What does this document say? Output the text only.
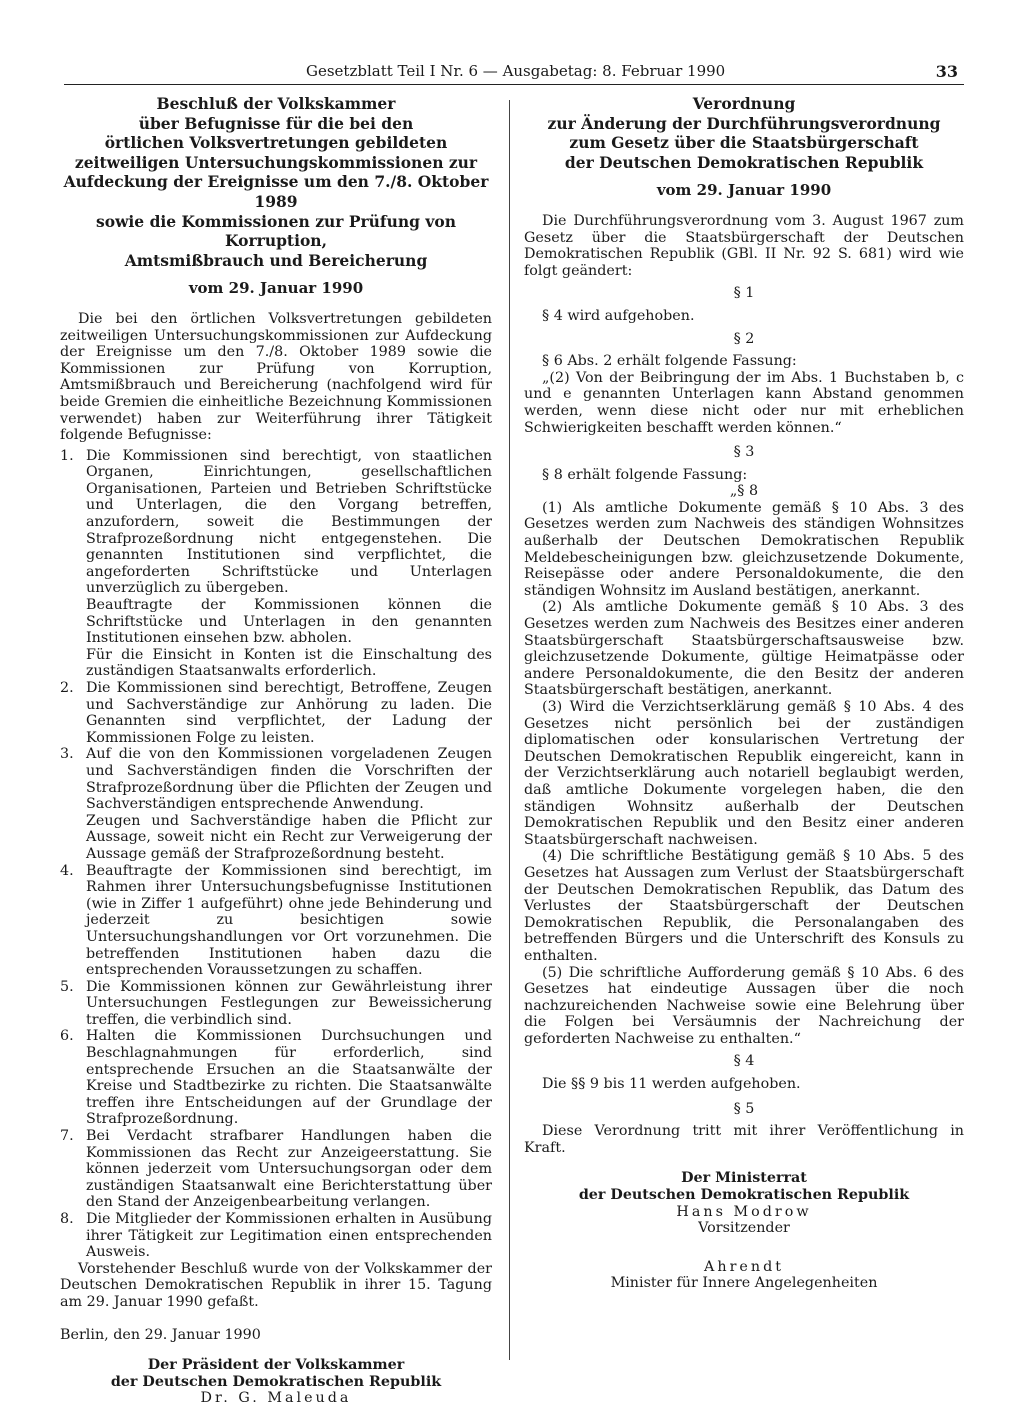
Gesetzblatt Teil I Nr. 6 — Ausgabetag: 8. Februar 1990	33
Beschluß der Volkskammer
über Befugnisse für die bei den
örtlichen Volksvertretungen gebildeten
zeitweiligen Untersuchungskommissionen zur
Aufdeckung der Ereignisse um den 7./8. Oktober 1989
sowie die Kommissionen zur Prüfung von Korruption,
Amtsmißbrauch und Bereicherung
vom 29. Januar 1990

Die bei den örtlichen Volksvertretungen gebildeten zeitweiligen Untersuchungskommissionen zur Aufdeckung der Ereignisse um den 7./8. Oktober 1989 sowie die Kommissionen zur Prüfung von Korruption, Amtsmißbrauch und Bereicherung (nachfolgend wird für beide Gremien die einheitliche Bezeichnung Kommissionen verwendet) haben zur Weiterführung ihrer Tätigkeit folgende Befugnisse:

1. Die Kommissionen sind berechtigt, von staatlichen Organen, Einrichtungen, gesellschaftlichen Organisationen, Parteien und Betrieben Schriftstücke und Unterlagen, die den Vorgang betreffen, anzufordern, soweit die Bestimmungen der Strafprozeßordnung nicht entgegenstehen. Die genannten Institutionen sind verpflichtet, die angeforderten Schriftstücke und Unterlagen unverzüglich zu übergeben.

Beauftragte der Kommissionen können die Schriftstücke und Unterlagen in den genannten Institutionen einsehen bzw. abholen.

Für die Einsicht in Konten ist die Einschaltung des zuständigen Staatsanwalts erforderlich.

2. Die Kommissionen sind berechtigt, Betroffene, Zeugen und Sachverständige zur Anhörung zu laden. Die Genannten sind verpflichtet, der Ladung der Kommissionen Folge zu leisten.

3. Auf die von den Kommissionen vorgeladenen Zeugen und Sachverständigen finden die Vorschriften der Strafprozeßordnung über die Pflichten der Zeugen und Sachverständigen entsprechende Anwendung.

Zeugen und Sachverständige haben die Pflicht zur Aussage, soweit nicht ein Recht zur Verweigerung der Aussage gemäß der Strafprozeßordnung besteht.

4. Beauftragte der Kommissionen sind berechtigt, im Rahmen ihrer Untersuchungsbefugnisse Institutionen (wie in Ziffer 1 aufgeführt) ohne jede Behinderung und jederzeit zu besichtigen sowie Untersuchungshandlungen vor Ort vorzunehmen. Die betreffenden Institutionen haben dazu die entsprechenden Voraussetzungen zu schaffen.

5. Die Kommissionen können zur Gewährleistung ihrer Untersuchungen Festlegungen zur Beweissicherung treffen, die verbindlich sind.

6. Halten die Kommissionen Durchsuchungen und Beschlagnahmungen für erforderlich, sind entsprechende Ersuchen an die Staatsanwälte der Kreise und Stadtbezirke zu richten. Die Staatsanwälte treffen ihre Entscheidungen auf der Grundlage der Strafprozeßordnung.

7. Bei Verdacht strafbarer Handlungen haben die Kommissionen das Recht zur Anzeigeerstattung. Sie können jederzeit vom Untersuchungsorgan oder dem zuständigen Staatsanwalt eine Berichterstattung über den Stand der Anzeigenbearbeitung verlangen.

8. Die Mitglieder der Kommissionen erhalten in Ausübung ihrer Tätigkeit zur Legitimation einen entsprechenden Ausweis.

Vorstehender Beschluß wurde von der Volkskammer der Deutschen Demokratischen Republik in ihrer 15. Tagung am 29. Januar 1990 gefaßt.

Berlin, den 29. Januar 1990

Der Präsident der Volkskammer
der Deutschen Demokratischen Republik
Dr. G. Maleuda
Verordnung
zur Änderung der Durchführungsverordnung
zum Gesetz über die Staatsbürgerschaft
der Deutschen Demokratischen Republik
vom 29. Januar 1990

Die Durchführungsverordnung vom 3. August 1967 zum Gesetz über die Staatsbürgerschaft der Deutschen Demokratischen Republik (GBl. II Nr. 92 S. 681) wird wie folgt geändert:

§ 1

§ 4 wird aufgehoben.

§ 2

§ 6 Abs. 2 erhält folgende Fassung:

„(2) Von der Beibringung der im Abs. 1 Buchstaben b, c und e genannten Unterlagen kann Abstand genommen werden, wenn diese nicht oder nur mit erheblichen Schwierigkeiten beschafft werden können.“

§ 3

§ 8 erhält folgende Fassung:

„§ 8

(1) Als amtliche Dokumente gemäß § 10 Abs. 3 des Gesetzes werden zum Nachweis des ständigen Wohnsitzes außerhalb der Deutschen Demokratischen Republik Meldebescheinigungen bzw. gleichzusetzende Dokumente, Reisepässe oder andere Personaldokumente, die den ständigen Wohnsitz im Ausland bestätigen, anerkannt.

(2) Als amtliche Dokumente gemäß § 10 Abs. 3 des Gesetzes werden zum Nachweis des Besitzes einer anderen Staatsbürgerschaft Staatsbürgerschaftsausweise bzw. gleichzusetzende Dokumente, gültige Heimatpässe oder andere Personaldokumente, die den Besitz der anderen Staatsbürgerschaft bestätigen, anerkannt.

(3) Wird die Verzichtserklärung gemäß § 10 Abs. 4 des Gesetzes nicht persönlich bei der zuständigen diplomatischen oder konsularischen Vertretung der Deutschen Demokratischen Republik eingereicht, kann in der Verzichtserklärung auch notariell beglaubigt werden, daß amtliche Dokumente vorgelegen haben, die den ständigen Wohnsitz außerhalb der Deutschen Demokratischen Republik und den Besitz einer anderen Staatsbürgerschaft nachweisen.

(4) Die schriftliche Bestätigung gemäß § 10 Abs. 5 des Gesetzes hat Aussagen zum Verlust der Staatsbürgerschaft der Deutschen Demokratischen Republik, das Datum des Verlustes der Staatsbürgerschaft der Deutschen Demokratischen Republik, die Personalangaben des betreffenden Bürgers und die Unterschrift des Konsuls zu enthalten.

(5) Die schriftliche Aufforderung gemäß § 10 Abs. 6 des Gesetzes hat eindeutige Aussagen über die noch nachzureichenden Nachweise sowie eine Belehrung über die Folgen bei Versäumnis der Nachreichung der geforderten Nachweise zu enthalten.“

§ 4

Die §§ 9 bis 11 werden aufgehoben.

§ 5

Diese Verordnung tritt mit ihrer Veröffentlichung in Kraft.

Der Ministerrat
der Deutschen Demokratischen Republik
Hans Modrow
Vorsitzender
Ahrendt
Minister für Innere Angelegenheiten
